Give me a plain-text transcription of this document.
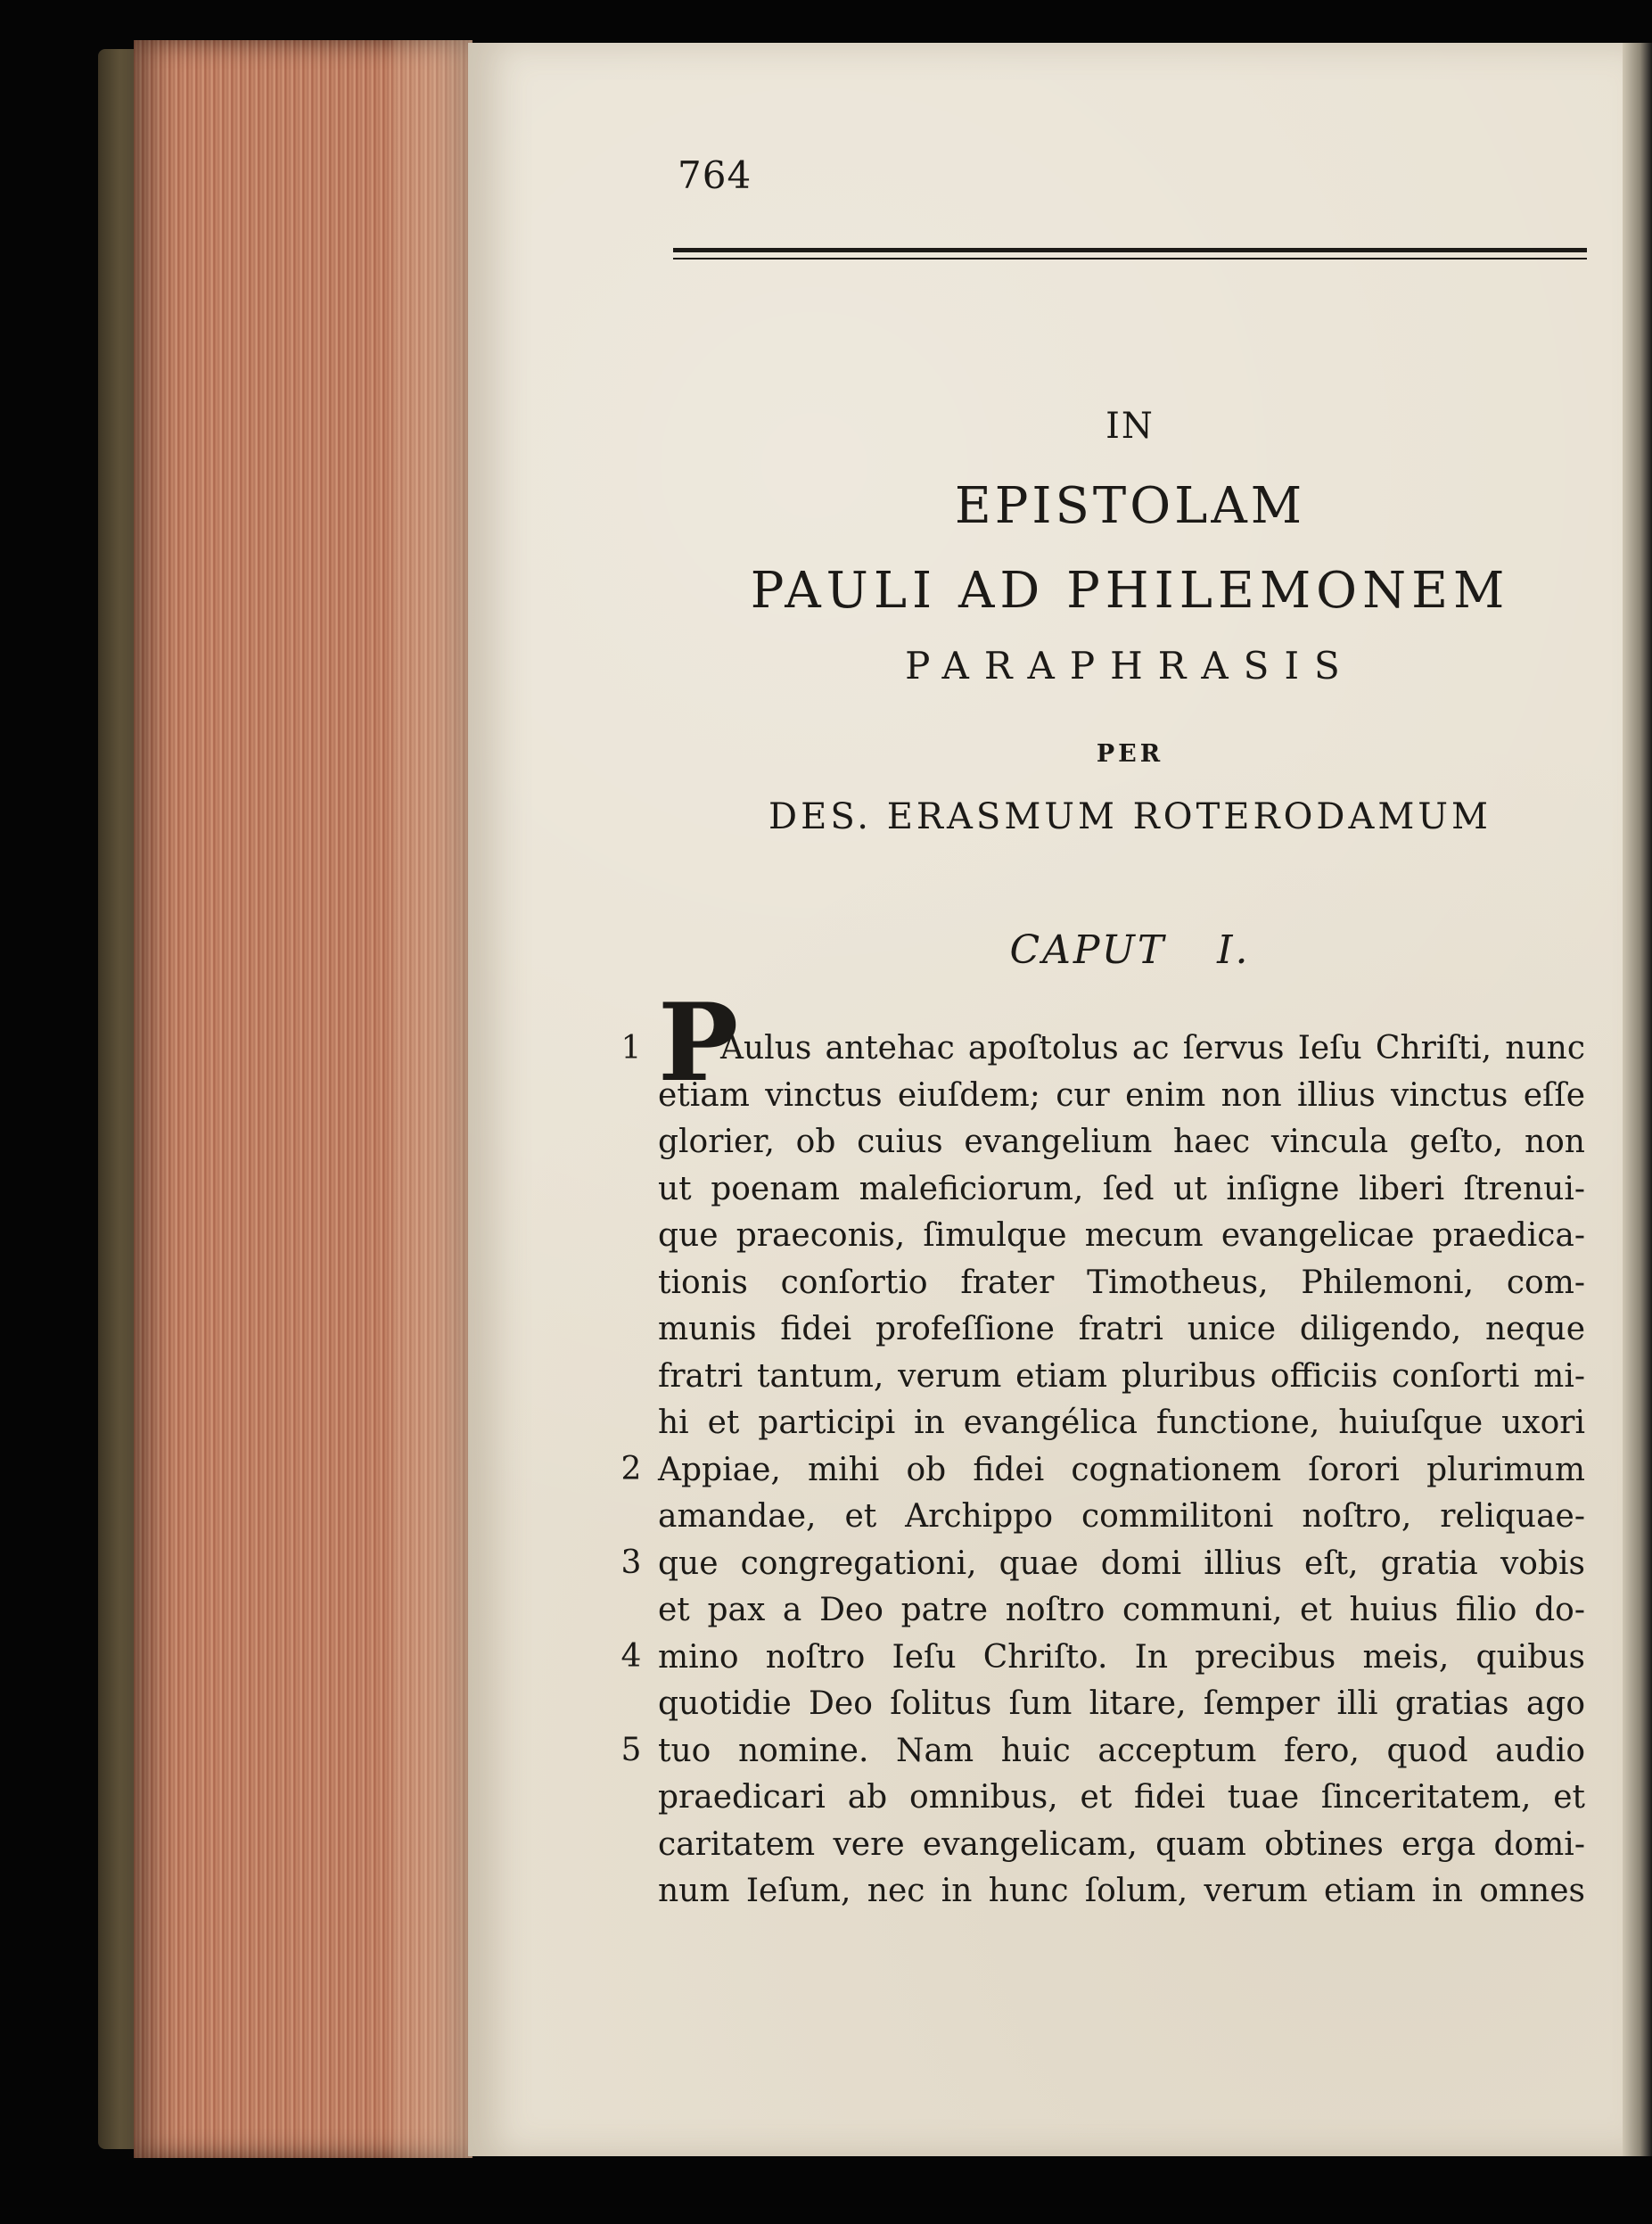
764
IN
EPISTOLAM
PAULI AD PHILEMONEM
PARAPHRASIS
PER
DES. ERASMUM ROTERODAMUM
CAPUT I.
1
2
3
4
5
P
Aulus antehac apoſtolus ac ſervus Ieſu Chriſti, nunc
etiam vinctus eiuſdem; cur enim non illius vinctus eſſe
glorier, ob cuius evangelium haec vincula geſto, non
ut poenam maleficiorum, ſed ut inſigne liberi ſtrenui-
que praeconis, ſimulque mecum evangelicae praedica-
tionis conſortio frater Timotheus, Philemoni, com-
munis fidei profeſſione fratri unice diligendo, neque
fratri tantum, verum etiam pluribus officiis conſorti mi-
hi et participi in evangélica functione, huiuſque uxori
Appiae, mihi ob fidei cognationem ſorori plurimum
amandae, et Archippo commilitoni noſtro, reliquae-
que congregationi, quae domi illius eſt, gratia vobis
et pax a Deo patre noſtro communi, et huius filio do-
mino noſtro Ieſu Chriſto. In precibus meis, quibus
quotidie Deo ſolitus ſum litare, ſemper illi gratias ago
tuo nomine. Nam huic acceptum fero, quod audio
praedicari ab omnibus, et fidei tuae ſinceritatem, et
caritatem vere evangelicam, quam obtines erga domi-
num Ieſum, nec in hunc ſolum, verum etiam in omnes
